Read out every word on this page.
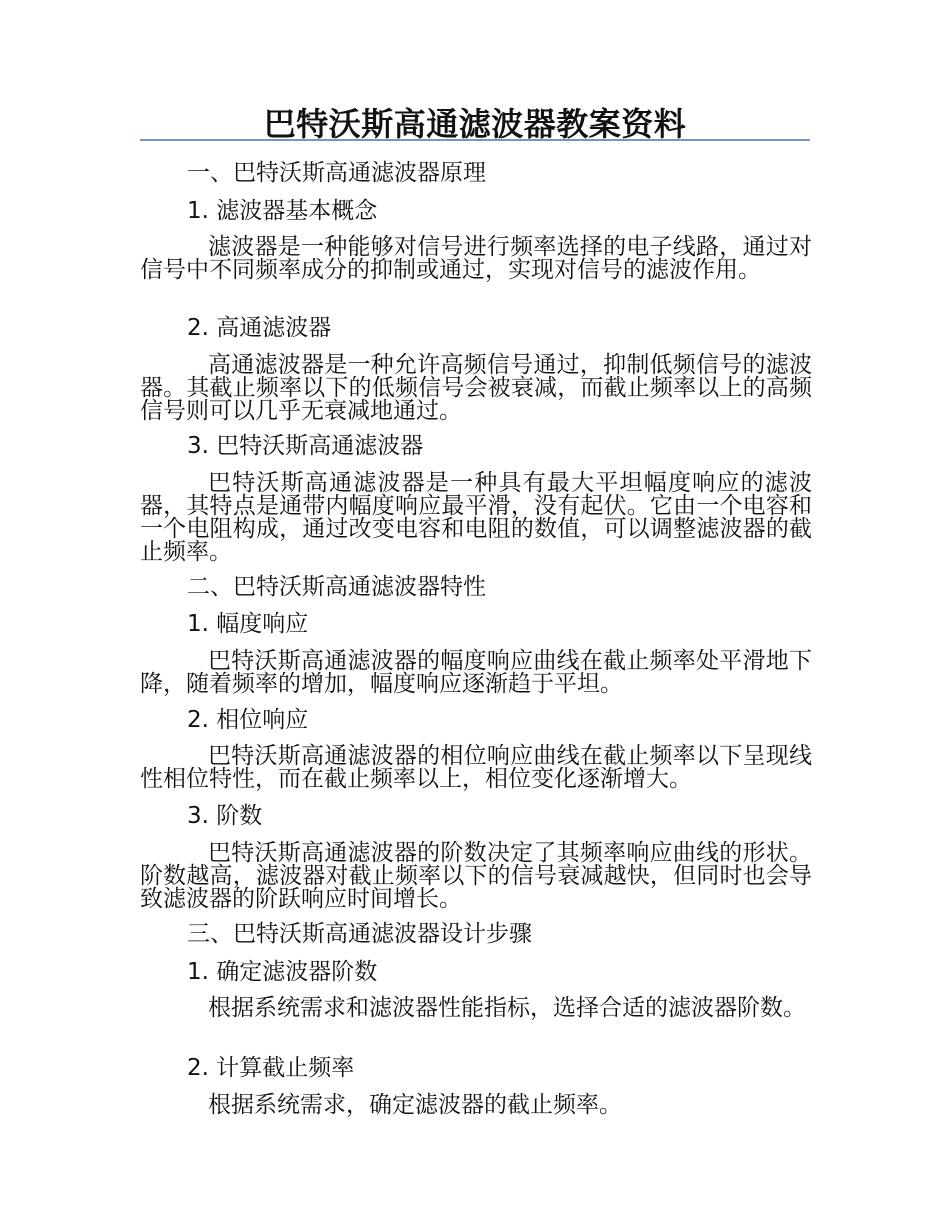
巴特沃斯高通滤波器教案资料
一、巴特沃斯高通滤波器原理
1. 滤波器基本概念
滤波器是一种能够对信号进行频率选择的电子线路，通过对信号中不同频率成分的抑制或通过，实现对信号的滤波作用。
2. 高通滤波器
高通滤波器是一种允许高频信号通过，抑制低频信号的滤波器。其截止频率以下的低频信号会被衰减，而截止频率以上的高频信号则可以几乎无衰减地通过。
3. 巴特沃斯高通滤波器
巴特沃斯高通滤波器是一种具有最大平坦幅度响应的滤波器，其特点是通带内幅度响应最平滑，没有起伏。它由一个电容和一个电阻构成，通过改变电容和电阻的数值，可以调整滤波器的截止频率。
二、巴特沃斯高通滤波器特性
1. 幅度响应
巴特沃斯高通滤波器的幅度响应曲线在截止频率处平滑地下降，随着频率的增加，幅度响应逐渐趋于平坦。
2. 相位响应
巴特沃斯高通滤波器的相位响应曲线在截止频率以下呈现线性相位特性，而在截止频率以上，相位变化逐渐增大。
3. 阶数
巴特沃斯高通滤波器的阶数决定了其频率响应曲线的形状。阶数越高，滤波器对截止频率以下的信号衰减越快，但同时也会导致滤波器的阶跃响应时间增长。
三、巴特沃斯高通滤波器设计步骤
1. 确定滤波器阶数
根据系统需求和滤波器性能指标，选择合适的滤波器阶数。
2. 计算截止频率
根据系统需求，确定滤波器的截止频率。
